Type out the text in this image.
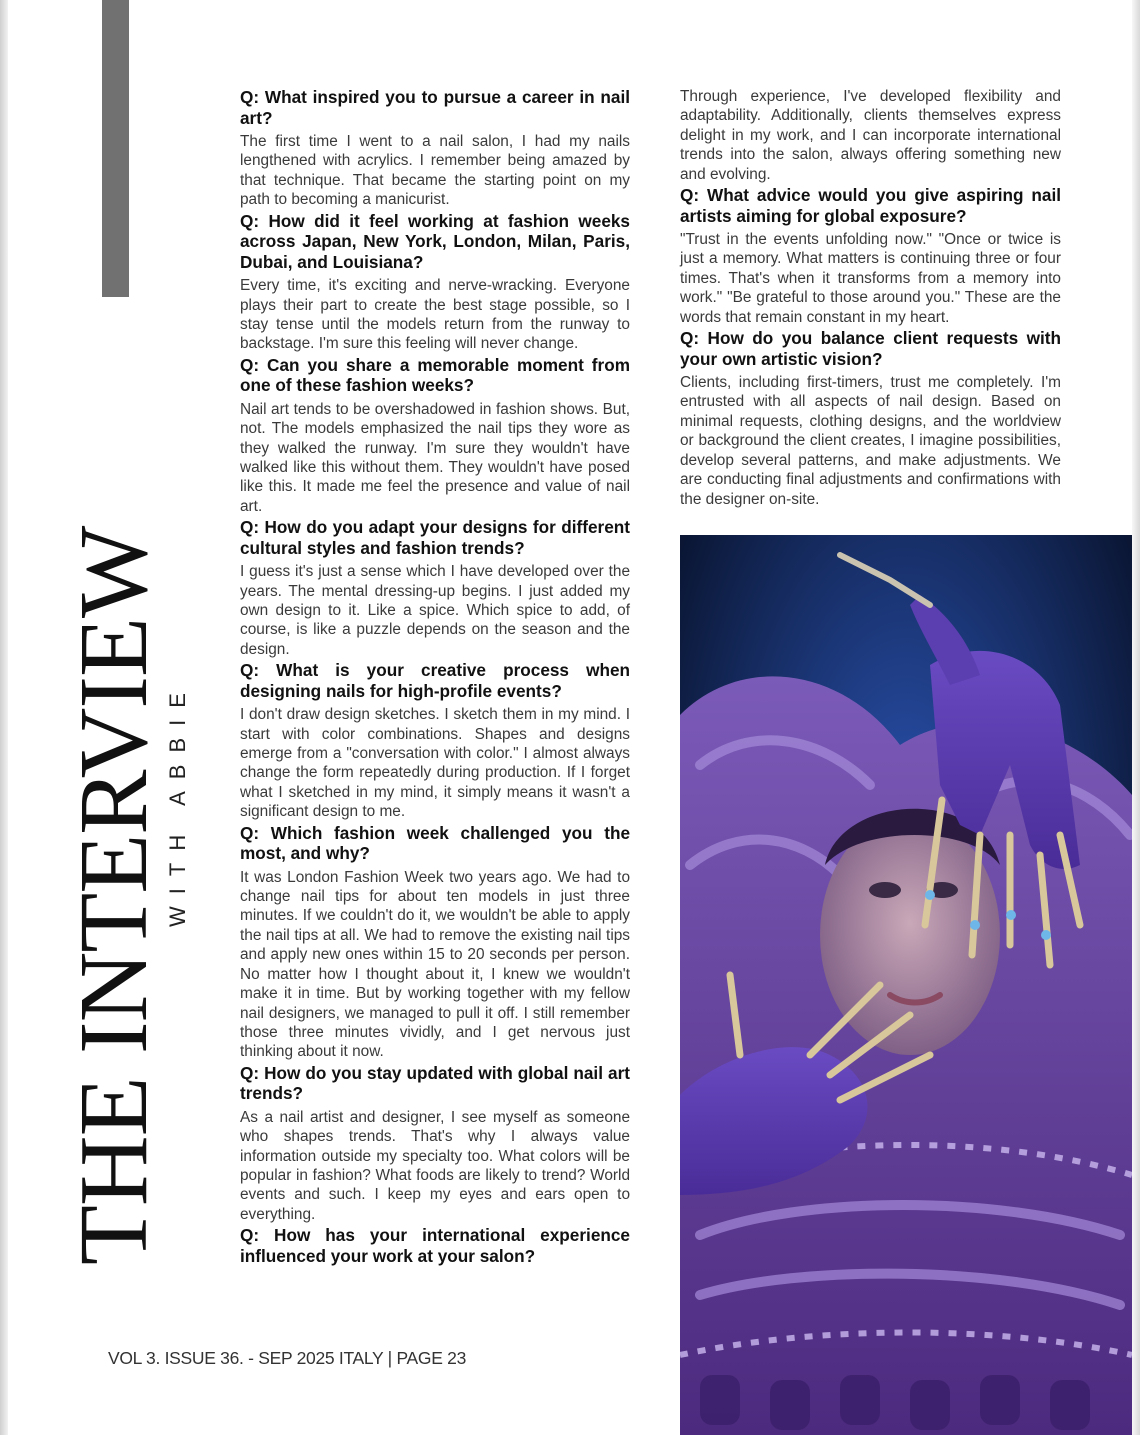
THE INTERVIEW
WITH ABBIE

Q: What inspired you to pursue a career in nail art?

The first time I went to a nail salon, I had my nails lengthened with acrylics. I remember being amazed by that technique. That became the starting point on my path to becoming a manicurist.

Q: How did it feel working at fashion weeks across Japan, New York, London, Milan, Paris, Dubai, and Louisiana?

Every time, it's exciting and nerve-wracking. Everyone plays their part to create the best stage possible, so I stay tense until the models return from the runway to backstage. I'm sure this feeling will never change.

Q: Can you share a memorable moment from one of these fashion weeks?

Nail art tends to be overshadowed in fashion shows. But, not. The models emphasized the nail tips they wore as they walked the runway. I'm sure they wouldn't have walked like this without them. They wouldn't have posed like this. It made me feel the presence and value of nail art.

Q: How do you adapt your designs for different cultural styles and fashion trends?

I guess it's just a sense which I have developed over the years. The mental dressing-up begins. I just added my own design to it. Like a spice. Which spice to add, of course, is like a puzzle depends on the season and the design.

Q: What is your creative process when designing nails for high-profile events?

I don't draw design sketches. I sketch them in my mind. I start with color combinations. Shapes and designs emerge from a "conversation with color." I almost always change the form repeatedly during production. If I forget what I sketched in my mind, it simply means it wasn't a significant design to me.

Q: Which fashion week challenged you the most, and why?

It was London Fashion Week two years ago. We had to change nail tips for about ten models in just three minutes. If we couldn't do it, we wouldn't be able to apply the nail tips at all. We had to remove the existing nail tips and apply new ones within 15 to 20 seconds per person. No matter how I thought about it, I knew we wouldn't make it in time. But by working together with my fellow nail designers, we managed to pull it off. I still remember those three minutes vividly, and I get nervous just thinking about it now.

Q: How do you stay updated with global nail art trends?

As a nail artist and designer, I see myself as someone who shapes trends. That's why I always value information outside my specialty too. What colors will be popular in fashion? What foods are likely to trend? World events and such. I keep my eyes and ears open to everything.

Q: How has your international experience influenced your work at your salon?

Through experience, I've developed flexibility and adaptability. Additionally, clients themselves express delight in my work, and I can incorporate international trends into the salon, always offering something new and evolving.

Q: What advice would you give aspiring nail artists aiming for global exposure?

"Trust in the events unfolding now." "Once or twice is just a memory. What matters is continuing three or four times. That's when it transforms from a memory into work." "Be grateful to those around you." These are the words that remain constant in my heart.

Q: How do you balance client requests with your own artistic vision?

Clients, including first-timers, trust me completely. I'm entrusted with all aspects of nail design. Based on minimal requests, clothing designs, and the worldview or background the client creates, I imagine possibilities, develop several patterns, and make adjustments. We are conducting final adjustments and confirmations with the designer on-site.

VOL 3. ISSUE 36. - SEP 2025 ITALY | PAGE 23
